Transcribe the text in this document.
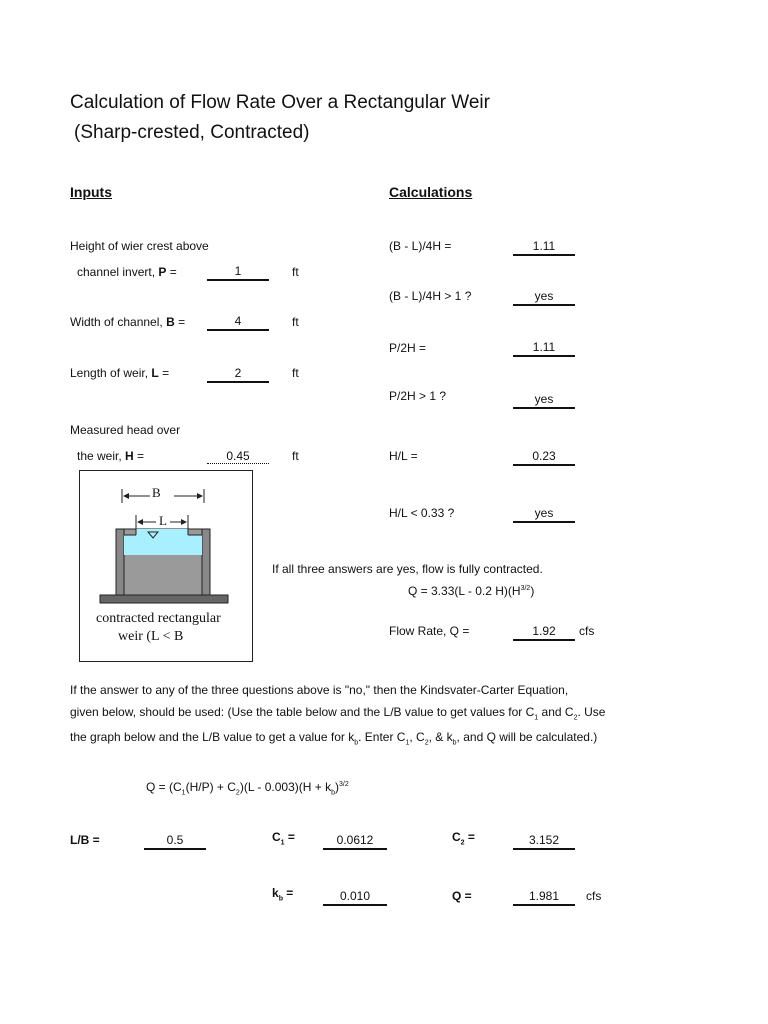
Calculation of Flow Rate Over a Rectangular Weir
(Sharp-crested, Contracted)
Inputs	Calculations
Height of wier crest above
channel invert, P =	1	ft
Width of channel, B =	4	ft
Length of weir, L =	2	ft
Measured head over
the weir, H =	0.45	ft
(B - L)/4H =	1.11
(B - L)/4H > 1 ?	yes
P/2H =	1.11
P/2H > 1 ?	yes
H/L =	0.23
H/L < 0.33 ?	yes
If all three answers are yes, flow is fully contracted.
Q = 3.33(L - 0.2 $H)(H^{3/2})$
Flow Rate, Q =	1.92	cfs
contracted rectangular
weir (L < B
B
L
If the answer to any of the three questions above is "no," then the Kindsvater-Carter Equation,
given below, should be used: (Use the table below and the L/B value to get values for $C_1$ and $C_2$. Use
the graph below and the L/B value to get a value for $k_b$. Enter $C_1$, $C_2$, & $k_b$, and Q will be calculated.)
$Q = (C_1(H/P) + C_2)(L - 0.003)(H + k_b)^{3/2}$
L/B =	0.5	$C_1$ =	0.0612	$C_2$ =	3.152
$k_b$ =	0.010	Q =	1.981	cfs
